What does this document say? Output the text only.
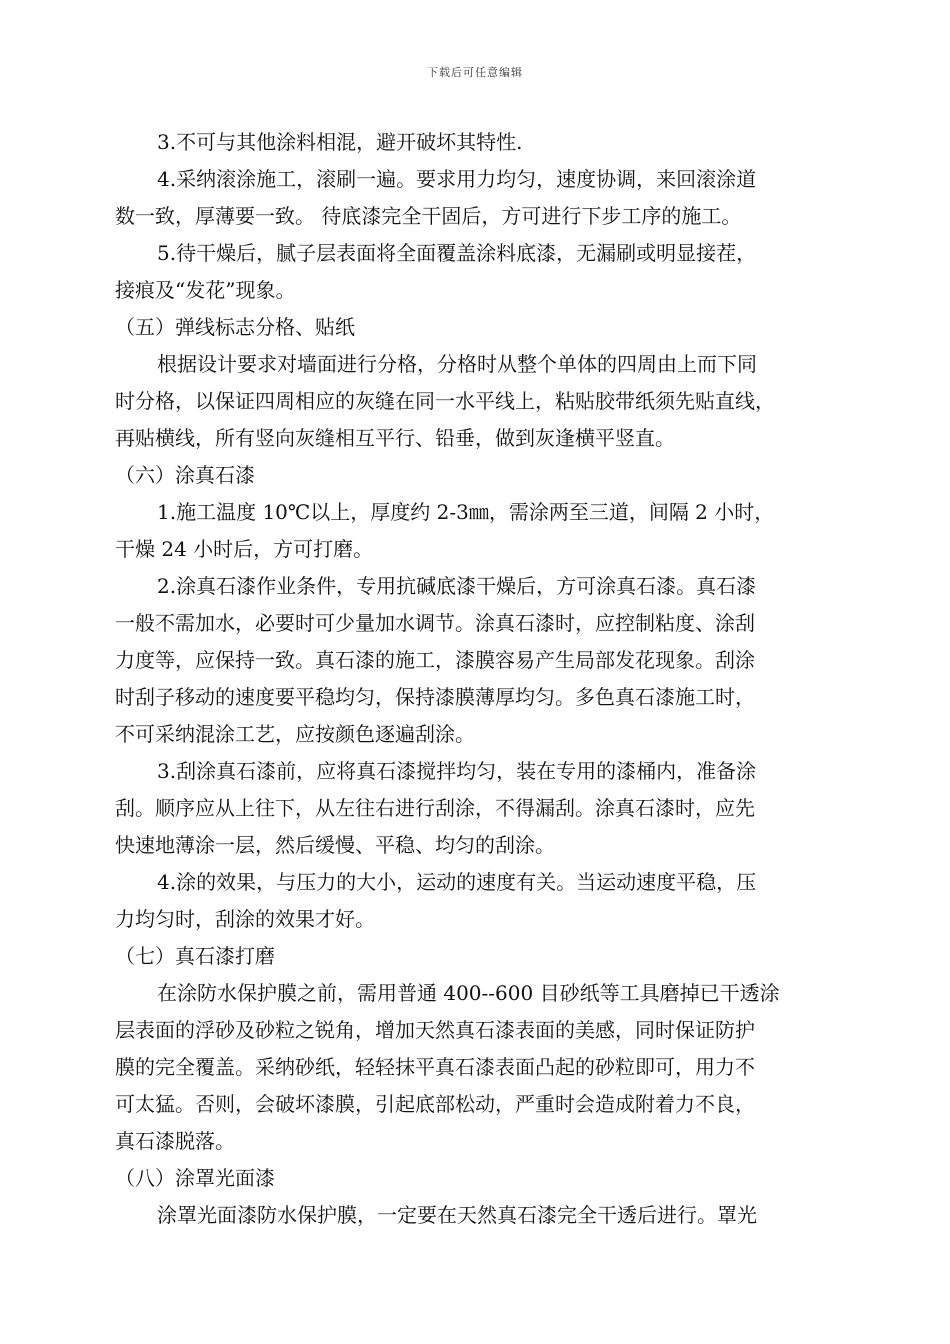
下载后可任意编辑
3.不可与其他涂料相混，避开破坏其特性.
4.采纳滚涂施工，滚刷一遍。要求用力均匀，速度协调，来回滚涂道
数一致，厚薄要一致。 待底漆完全干固后，方可进行下步工序的施工。
5.待干燥后，腻子层表面将全面覆盖涂料底漆，无漏刷或明显接茬，
接痕及“发花”现象。
（五）弹线标志分格、贴纸
根据设计要求对墙面进行分格，分格时从整个单体的四周由上而下同
时分格，以保证四周相应的灰缝在同一水平线上，粘贴胶带纸须先贴直线，
再贴横线，所有竖向灰缝相互平行、铅垂，做到灰逢横平竖直。
（六）涂真石漆
1.施工温度 10℃以上，厚度约 2-3㎜，需涂两至三道，间隔 2 小时，
干燥 24 小时后，方可打磨。
2.涂真石漆作业条件，专用抗碱底漆干燥后，方可涂真石漆。真石漆
一般不需加水，必要时可少量加水调节。涂真石漆时，应控制粘度、涂刮
力度等，应保持一致。真石漆的施工，漆膜容易产生局部发花现象。刮涂
时刮子移动的速度要平稳均匀，保持漆膜薄厚均匀。多色真石漆施工时，
不可采纳混涂工艺，应按颜色逐遍刮涂。
3.刮涂真石漆前，应将真石漆搅拌均匀，装在专用的漆桶内，准备涂
刮。顺序应从上往下，从左往右进行刮涂，不得漏刮。涂真石漆时，应先
快速地薄涂一层，然后缓慢、平稳、均匀的刮涂。
4.涂的效果，与压力的大小，运动的速度有关。当运动速度平稳，压
力均匀时，刮涂的效果才好。
（七）真石漆打磨
在涂防水保护膜之前，需用普通 400--600 目砂纸等工具磨掉已干透涂
层表面的浮砂及砂粒之锐角，增加天然真石漆表面的美感，同时保证防护
膜的完全覆盖。采纳砂纸，轻轻抹平真石漆表面凸起的砂粒即可，用力不
可太猛。否则，会破坏漆膜，引起底部松动，严重时会造成附着力不良，
真石漆脱落。
（八）涂罩光面漆
涂罩光面漆防水保护膜，一定要在天然真石漆完全干透后进行。罩光
